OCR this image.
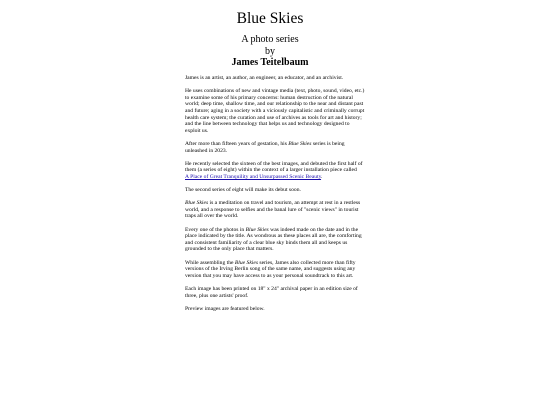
Blue Skies
A photo series
by
James Teitelbaum

James is an artist, an author, an engineer, an educator, and an archivist.

He uses combinations of new and vintage media (text, photo, sound, video, etc.) to examine some of his primary concerns: human destruction of the natural world; deep time, shallow time, and our relationship to the near and distant past and future; aging in a society with a viciously capitalistic and criminally corrupt health care system; the curation and use of archives as tools for art and history; and the line between technology that helps us and technology designed to exploit us.

After more than fifteen years of gestation, his Blue Skies series is being unleashed in 2023.

He recently selected the sixteen of the best images, and debuted the first half of them (a series of eight) within the context of a larger installation piece called
A Place of Great Tranquility and Unsurpassed Scenic Beauty.

The second series of eight will make its debut soon.

Blue Skies is a meditation on travel and tourism, an attempt at rest in a restless world, and a response to selfies and the banal lure of "scenic views" in tourist traps all over the world.

Every one of the photos in Blue Skies was indeed made on the date and in the place indicated by the title. As wondrous as these places all are, the comforting and consistent familiarity of a clear blue sky binds them all and keeps us grounded to the only place that matters.

While assembling the Blue Skies series, James also collected more than fifty versions of the Irving Berlin song of the same name, and suggests using any version that you may have access to as your personal soundtrack to this art.

Each image has been printed on 18" x 24" archival paper in an edition size of three, plus one artists' proof.

Preview images are featured below.
